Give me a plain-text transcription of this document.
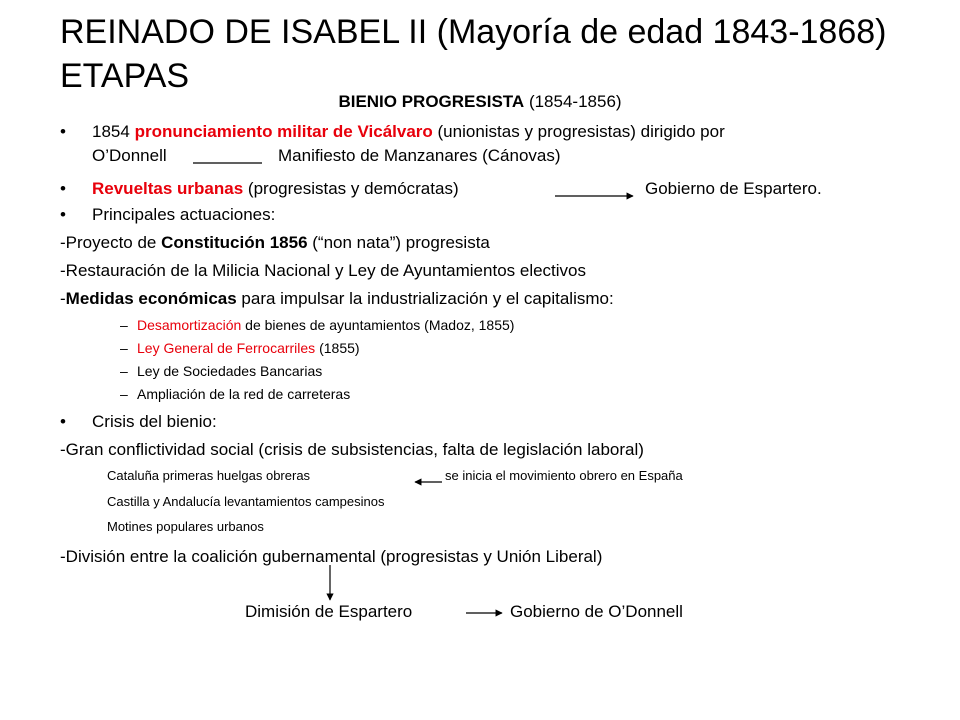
REINADO DE ISABEL II (Mayoría de edad 1843-1868) ETAPAS
BIENIO PROGRESISTA (1854-1856)
• 1854 pronunciamiento militar de Vicálvaro (unionistas y progresistas) dirigido por
O’Donnell	Manifiesto de Manzanares (Cánovas)
• Revueltas urbanas (progresistas y demócratas)	Gobierno de Espartero.
• Principales actuaciones:
-Proyecto de Constitución 1856 (“non nata”) progresista
-Restauración de la Milicia Nacional y Ley de Ayuntamientos electivos
-Medidas económicas para impulsar la industrialización y el capitalismo:
– Desamortización de bienes de ayuntamientos (Madoz, 1855)
– Ley General de Ferrocarriles (1855)
– Ley de Sociedades Bancarias
– Ampliación de la red de carreteras
• Crisis del bienio:
-Gran conflictividad social (crisis de subsistencias, falta de legislación laboral)
Cataluña primeras huelgas obreras	se inicia el movimiento obrero en España
Castilla y Andalucía levantamientos campesinos
Motines populares urbanos
-División entre la coalición gubernamental (progresistas y Unión Liberal)
Dimisión de Espartero	Gobierno de O’Donnell
